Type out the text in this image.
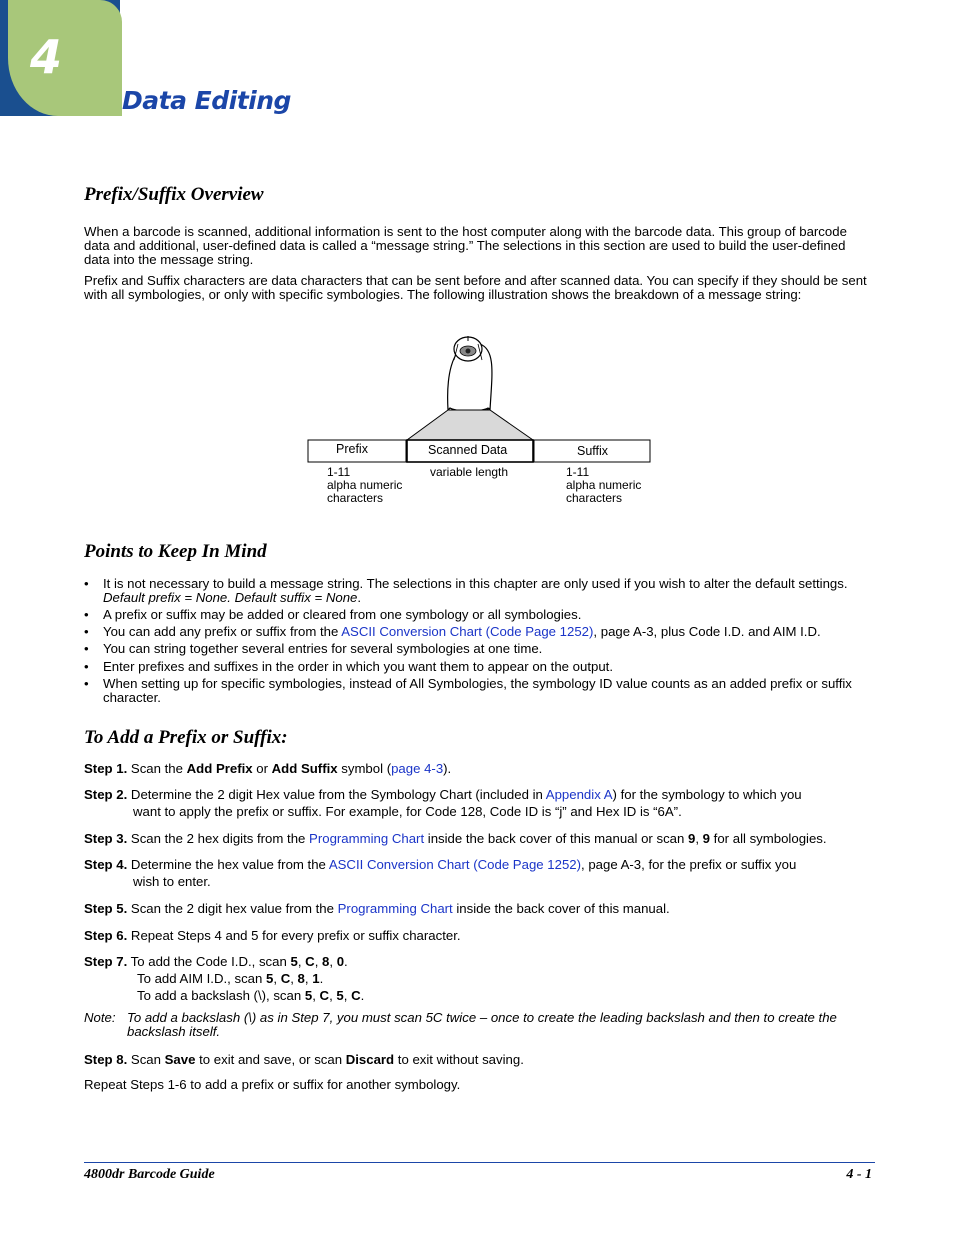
4
Data Editing
Prefix/Suffix Overview
When a barcode is scanned, additional information is sent to the host computer along with the barcode data. This group of barcode data and additional, user-defined data is called a “message string.” The selections in this section are used to build the user-defined data into the message string.
Prefix and Suffix characters are data characters that can be sent before and after scanned data. You can specify if they should be sent with all symbologies, or only with specific symbologies. The following illustration shows the breakdown of a message string:
Prefix	Scanned Data	Suffix
1-11
alpha numeric
characters
variable length	1-11
alpha numeric
characters
Points to Keep In Mind
• It is not necessary to build a message string. The selections in this chapter are only used if you wish to alter the default settings. Default prefix = None. Default suffix = None.
• A prefix or suffix may be added or cleared from one symbology or all symbologies.
• You can add any prefix or suffix from the ASCII Conversion Chart (Code Page 1252), page A-3, plus Code I.D. and AIM I.D.
• You can string together several entries for several symbologies at one time.
• Enter prefixes and suffixes in the order in which you want them to appear on the output.
• When setting up for specific symbologies, instead of All Symbologies, the symbology ID value counts as an added prefix or suffix character.
To Add a Prefix or Suffix:
Step 1. Scan the Add Prefix or Add Suffix symbol (page 4-3).
Step 2. Determine the 2 digit Hex value from the Symbology Chart (included in Appendix A) for the symbology to which you
want to apply the prefix or suffix. For example, for Code 128, Code ID is “j” and Hex ID is “6A”.
Step 3. Scan the 2 hex digits from the Programming Chart inside the back cover of this manual or scan 9, 9 for all symbologies.
Step 4. Determine the hex value from the ASCII Conversion Chart (Code Page 1252), page A-3, for the prefix or suffix you
wish to enter.
Step 5. Scan the 2 digit hex value from the Programming Chart inside the back cover of this manual.
Step 6. Repeat Steps 4 and 5 for every prefix or suffix character.
Step 7. To add the Code I.D., scan 5, C, 8, 0.
To add AIM I.D., scan 5, C, 8, 1.
To add a backslash (\), scan 5, C, 5, C.
Note: To add a backslash (\) as in Step 7, you must scan 5C twice – once to create the leading backslash and then to create the backslash itself.
Step 8. Scan Save to exit and save, or scan Discard to exit without saving.
Repeat Steps 1-6 to add a prefix or suffix for another symbology.
4800dr Barcode Guide	4 - 1
